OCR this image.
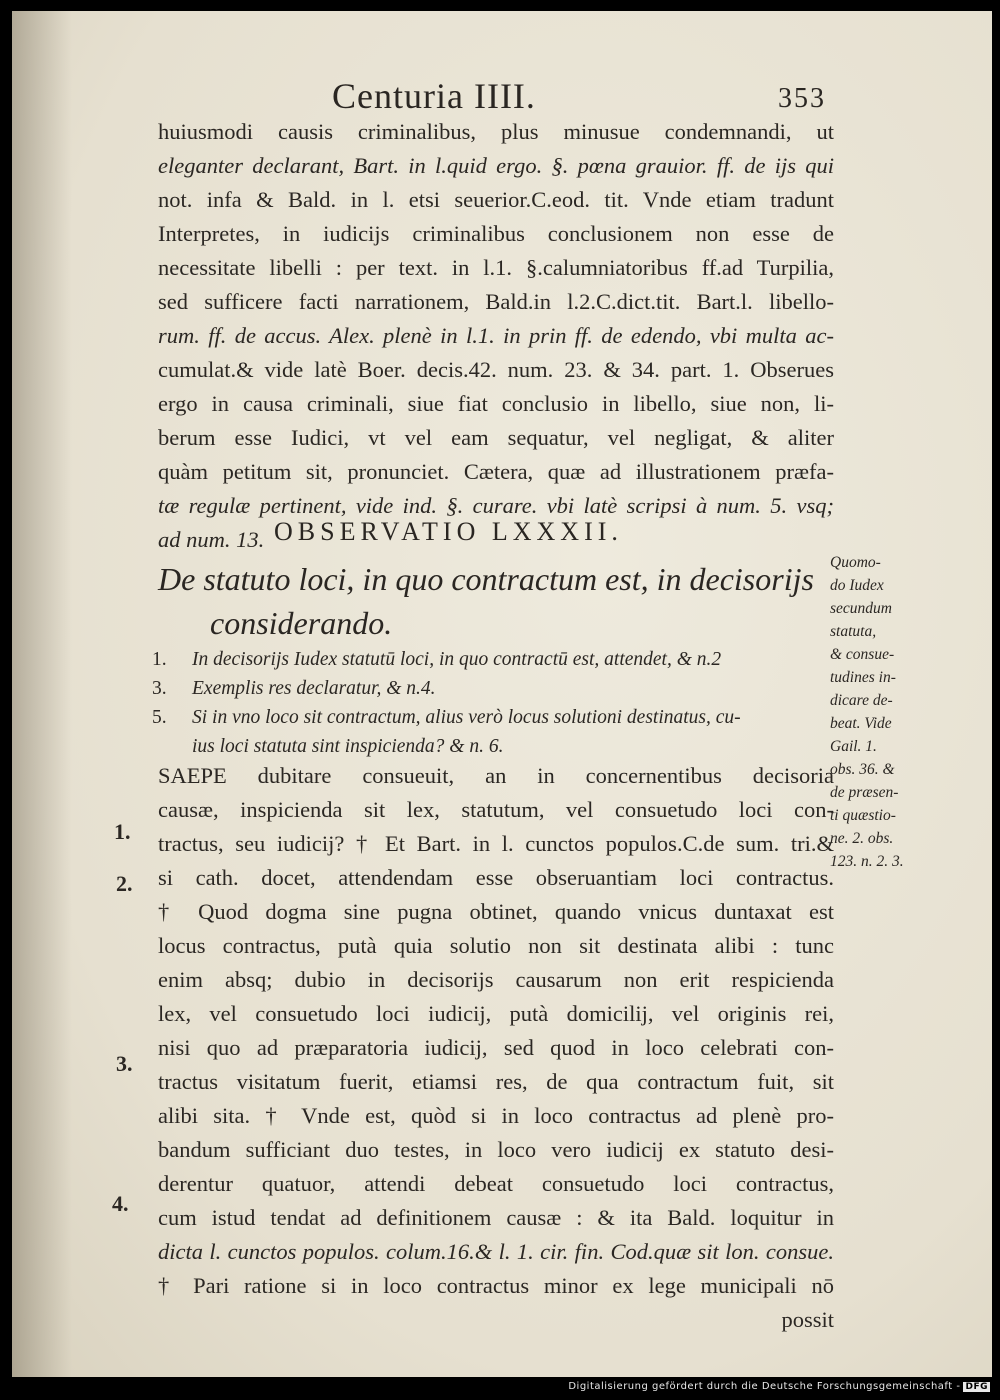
Centuria IIII.	353
huiusmodi causis criminalibus, plus minusue condemnandi, ut
eleganter declarant, Bart. in l.quid ergo. §. pœna grauior. ff. de ijs qui
not. infa & Bald. in l. etsi seuerior.C.eod. tit. Vnde etiam tradunt
Interpretes, in iudicijs criminalibus conclusionem non esse de
necessitate libelli : per text. in l.1. §.calumniatoribus ff.ad Turpilia,
sed sufficere facti narrationem, Bald.in l.2.C.dict.tit. Bart.l. libello-
rum. ff. de accus. Alex. plenè in l.1. in prin ff. de edendo, vbi multa ac-
cumulat.& vide latè Boer. decis.42. num. 23. & 34. part. 1. Obserues
ergo in causa criminali, siue fiat conclusio in libello, siue non, li-
berum esse Iudici, vt vel eam sequatur, vel negligat, & aliter
quàm petitum sit, pronunciet. Cætera, quæ ad illustrationem præfa-
tæ regulæ pertinent, vide ind. §. curare. vbi latè scripsi à num. 5. vsq;
ad num. 13. OBSERVATIO LXXXII.
De statuto loci, in quo contractum est, in decisorijs
considerando.
1. In decisorijs Iudex statutū loci, in quo contractū est, attendet, & n.2
3. Exemplis res declaratur, & n.4.
5. Si in vno loco sit contractum, alius verò locus solutioni destinatus, cu-
ius loci statuta sint inspicienda? & n. 6.
SAEPE dubitare consueuit, an in concernentibus decisoria
causæ, inspicienda sit lex, statutum, vel consuetudo loci con-
tractus, seu iudicij? † Et Bart. in l. cunctos populos.C.de sum. tri.&
si cath. docet, attendendam esse obseruantiam loci contractus.
† Quod dogma sine pugna obtinet, quando vnicus duntaxat est
locus contractus, putà quia solutio non sit destinata alibi : tunc
enim absq; dubio in decisorijs causarum non erit respicienda
lex, vel consuetudo loci iudicij, putà domicilij, vel originis rei,
nisi quo ad præparatoria iudicij, sed quod in loco celebrati con-
tractus visitatum fuerit, etiamsi res, de qua contractum fuit, sit
alibi sita. † Vnde est, quòd si in loco contractus ad plenè pro-
bandum sufficiant duo testes, in loco vero iudicij ex statuto desi-
derentur quatuor, attendi debeat consuetudo loci contractus,
cum istud tendat ad definitionem causæ : & ita Bald. loquitur in
dicta l. cunctos populos. colum.16.& l. 1. cir. fin. Cod.quæ sit lon. consue.
† Pari ratione si in loco contractus minor ex lege municipali nō
possit
Quomo-
do Iudex
secundum
statuta,
& consue-
tudines in-
dicare de-
beat. Vide
Gail. 1.
obs. 36. &
de præsen-
ti quæstio-
ne. 2. obs.
123. n. 2. 3.
1.
2.
3.
4.
Digitalisierung gefördert durch die Deutsche Forschungsgemeinschaft - DFG
